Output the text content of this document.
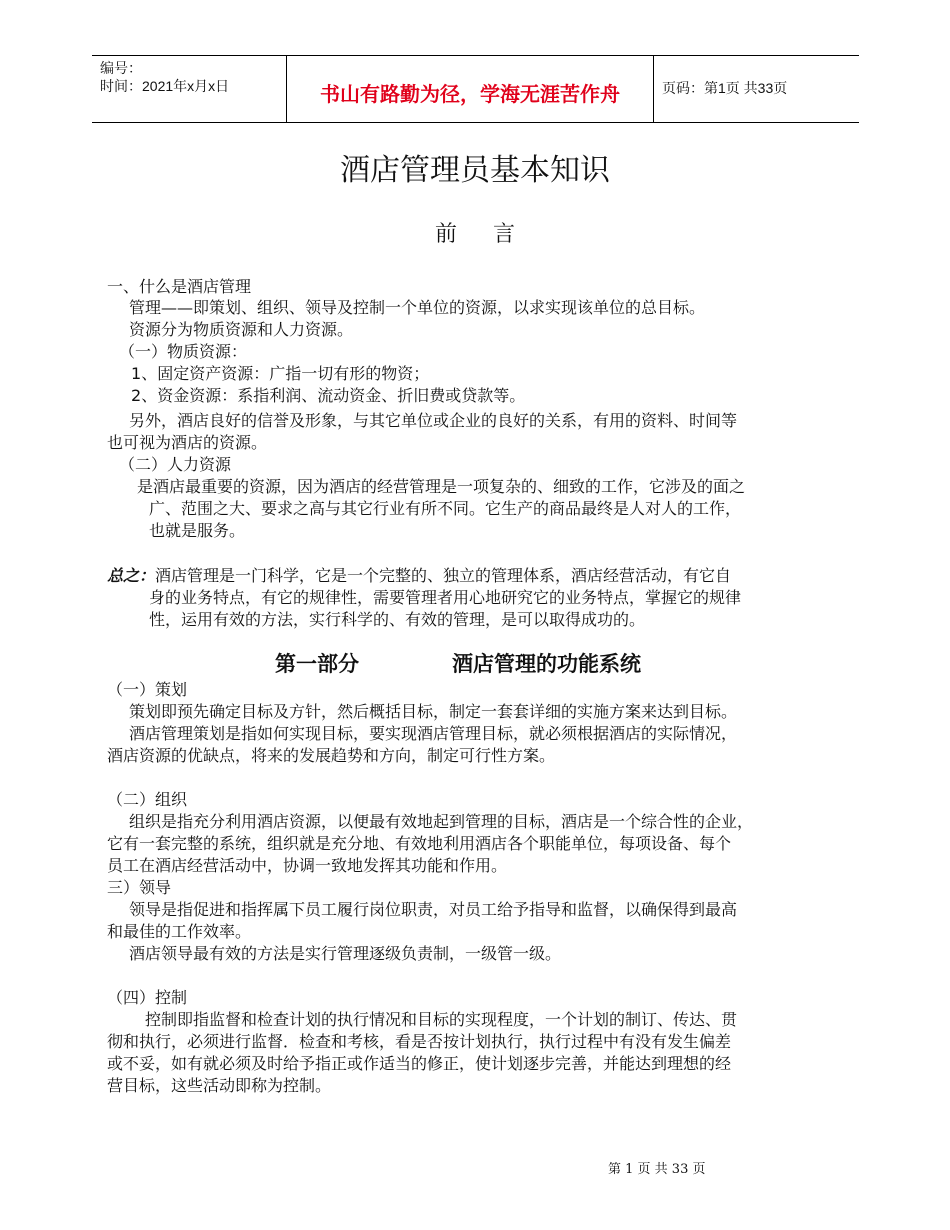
编号：
时间：2021年x月x日	书山有路勤为径，学海无涯苦作舟	页码：第1页 共33页
酒店管理员基本知识
前言
一、什么是酒店管理
管理——即策划、组织、领导及控制一个单位的资源，以求实现该单位的总目标。
资源分为物质资源和人力资源。
（一）物质资源：
1、固定资产资源：广指一切有形的物资；
2、资金资源：系指利润、流动资金、折旧费或贷款等。
另外，酒店良好的信誉及形象，与其它单位或企业的良好的关系，有用的资料、时间等
也可视为酒店的资源。
（二）人力资源
是酒店最重要的资源，因为酒店的经营管理是一项复杂的、细致的工作，它涉及的面之
广、范围之大、要求之高与其它行业有所不同。它生产的商品最终是人对人的工作，
也就是服务。
总之：酒店管理是一门科学，它是一个完整的、独立的管理体系，酒店经营活动，有它自
身的业务特点，有它的规律性，需要管理者用心地研究它的业务特点，掌握它的规律
性，运用有效的方法，实行科学的、有效的管理，是可以取得成功的。
第一部分	酒店管理的功能系统
（一）策划
策划即预先确定目标及方针，然后概括目标，制定一套套详细的实施方案来达到目标。
酒店管理策划是指如何实现目标，要实现酒店管理目标，就必须根据酒店的实际情况，
酒店资源的优缺点，将来的发展趋势和方向，制定可行性方案。
（二）组织
组织是指充分利用酒店资源，以便最有效地起到管理的目标，酒店是一个综合性的企业，
它有一套完整的系统，组织就是充分地、有效地利用酒店各个职能单位，每项设备、每个
员工在酒店经营活动中，协调一致地发挥其功能和作用。
三）领导
领导是指促进和指挥属下员工履行岗位职责，对员工给予指导和监督，以确保得到最高
和最佳的工作效率。
酒店领导最有效的方法是实行管理逐级负责制，一级管一级。
（四）控制
控制即指监督和检查计划的执行情况和目标的实现程度，一个计划的制订、传达、贯
彻和执行，必须进行监督．检查和考核，看是否按计划执行，执行过程中有没有发生偏差
或不妥，如有就必须及时给予指正或作适当的修正，使计划逐步完善，并能达到理想的经
营目标，这些活动即称为控制。
第 1 页 共 33 页
